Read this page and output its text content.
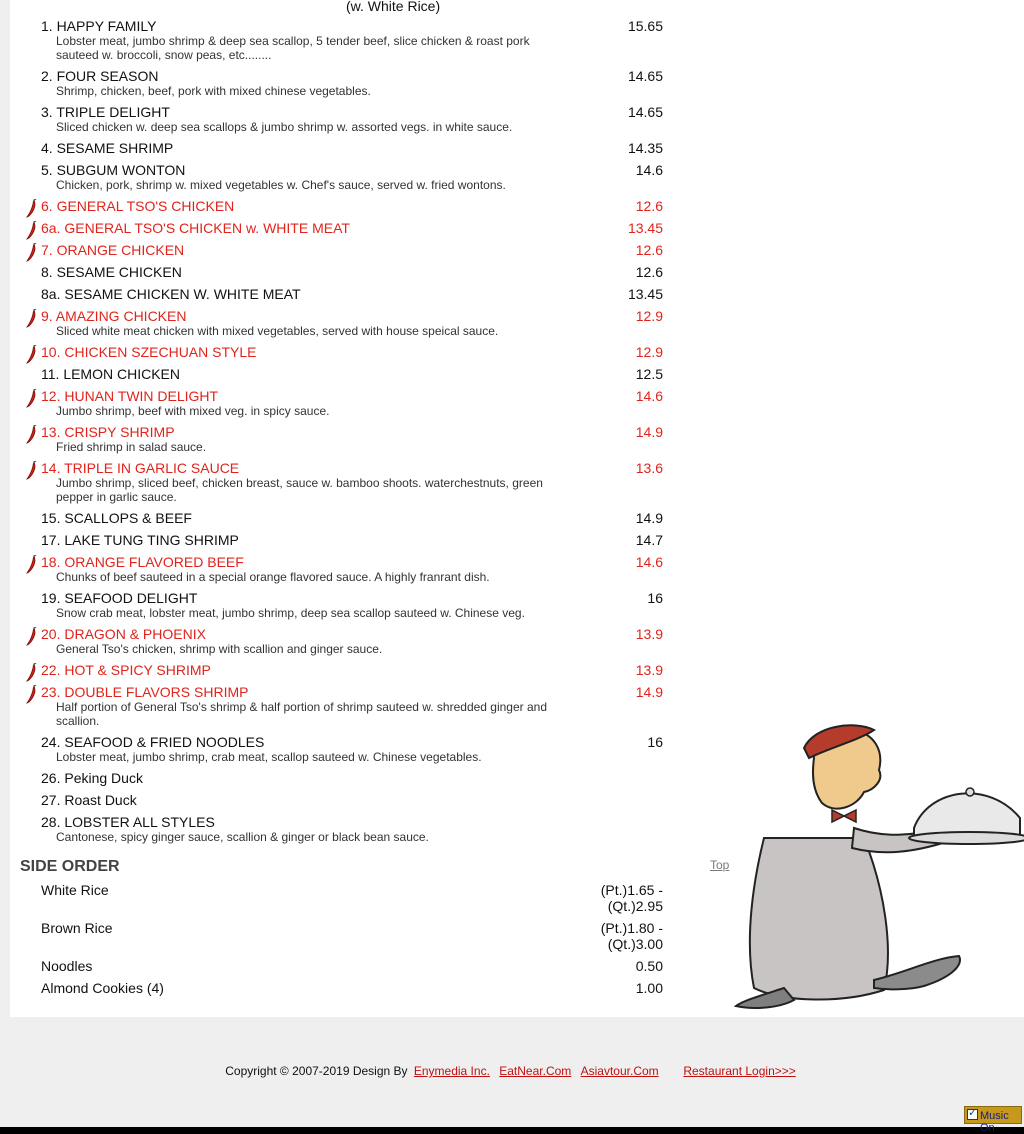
(w. White Rice)
1. HAPPY FAMILY	15.65
Lobster meat, jumbo shrimp & deep sea scallop, 5 tender beef, slice chicken & roast pork sauteed w. broccoli, snow peas, etc........
2. FOUR SEASON	14.65
Shrimp, chicken, beef, pork with mixed chinese vegetables.
3. TRIPLE DELIGHT	14.65
Sliced chicken w. deep sea scallops & jumbo shrimp w. assorted vegs. in white sauce.
4. SESAME SHRIMP	14.35
5. SUBGUM WONTON	14.6
Chicken, pork, shrimp w. mixed vegetables w. Chef's sauce, served w. fried wontons.
6. GENERAL TSO'S CHICKEN	12.6
6a. GENERAL TSO'S CHICKEN w. WHITE MEAT	13.45
7. ORANGE CHICKEN	12.6
8. SESAME CHICKEN	12.6
8a. SESAME CHICKEN W. WHITE MEAT	13.45
9. AMAZING CHICKEN	12.9
Sliced white meat chicken with mixed vegetables, served with house speical sauce.
10. CHICKEN SZECHUAN STYLE	12.9
11. LEMON CHICKEN	12.5
12. HUNAN TWIN DELIGHT	14.6
Jumbo shrimp, beef with mixed veg. in spicy sauce.
13. CRISPY SHRIMP	14.9
Fried shrimp in salad sauce.
14. TRIPLE IN GARLIC SAUCE	13.6
Jumbo shrimp, sliced beef, chicken breast, sauce w. bamboo shoots. waterchestnuts, green pepper in garlic sauce.
15. SCALLOPS & BEEF	14.9
17. LAKE TUNG TING SHRIMP	14.7
18. ORANGE FLAVORED BEEF	14.6
Chunks of beef sauteed in a special orange flavored sauce. A highly franrant dish.
19. SEAFOOD DELIGHT	16
Snow crab meat, lobster meat, jumbo shrimp, deep sea scallop sauteed w. Chinese veg.
20. DRAGON & PHOENIX	13.9
General Tso's chicken, shrimp with scallion and ginger sauce.
22. HOT & SPICY SHRIMP	13.9
23. DOUBLE FLAVORS SHRIMP	14.9
Half portion of General Tso's shrimp & half portion of shrimp sauteed w. shredded ginger and scallion.
24. SEAFOOD & FRIED NOODLES	16
Lobster meat, jumbo shrimp, crab meat, scallop sauteed w. Chinese vegetables.
26. Peking Duck
27. Roast Duck
28. LOBSTER ALL STYLES
Cantonese, spicy ginger sauce, scallion & ginger or black bean sauce.
SIDE ORDER	Top
White Rice	(Pt.)1.65 -
(Qt.)2.95
Brown Rice	(Pt.)1.80 -
(Qt.)3.00
Noodles	0.50
Almond Cookies (4)	1.00
Copyright © 2007-2019 Design By Enymedia Inc. EatNear.Com Asiavtour.Com Restaurant Login>>>
✓
Music On
